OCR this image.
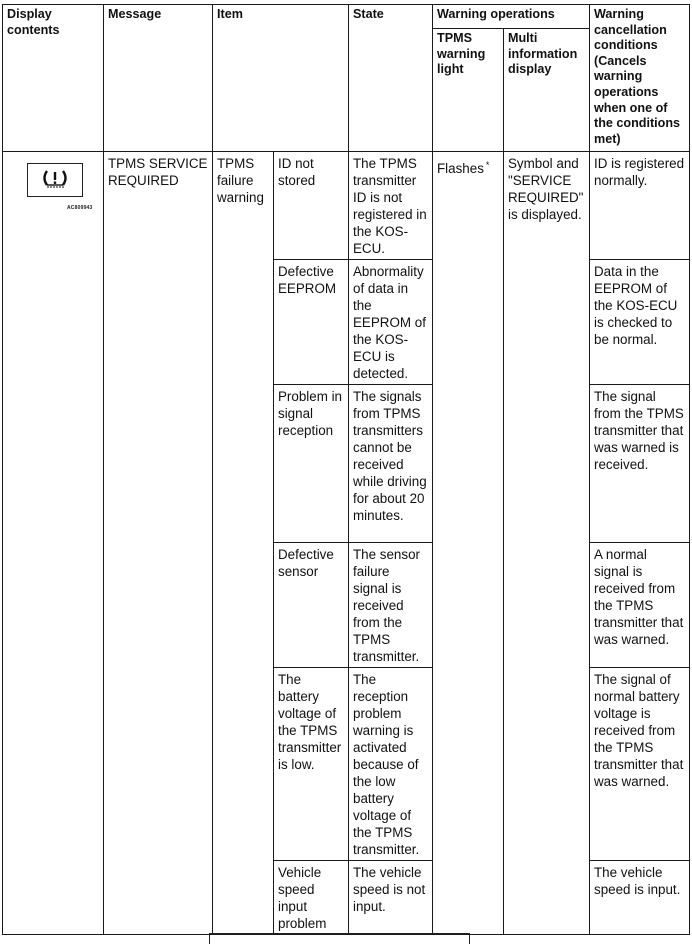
Display contents	Message	Item		State	Warning operations		Warning cancellation conditions (Cancels warning operations when one of the conditions met)
					TPMS warning light	Multi information display	

AC809943	TPMS SERVICE REQUIRED	TPMS failure warning	ID not stored	The TPMS transmitter ID is not registered in the KOS-ECU.	Flashes *	Symbol and "SERVICE REQUIRED" is displayed.	ID is registered normally.
			Defective EEPROM	Abnormality of data in the EEPROM of the KOS-ECU is detected.			Data in the EEPROM of the KOS-ECU is checked to be normal.
			Problem in signal reception	The signals from TPMS transmitters cannot be received while driving for about 20 minutes.			The signal from the TPMS transmitter that was warned is received.
			Defective sensor	The sensor failure signal is received from the TPMS transmitter.			A normal signal is received from the TPMS transmitter that was warned.
			The battery voltage of the TPMS transmitter is low.	The reception problem warning is activated because of the low battery voltage of the TPMS transmitter.			The signal of normal battery voltage is received from the TPMS transmitter that was warned.
			Vehicle speed input problem	The vehicle speed is not input.			The vehicle speed is input.
